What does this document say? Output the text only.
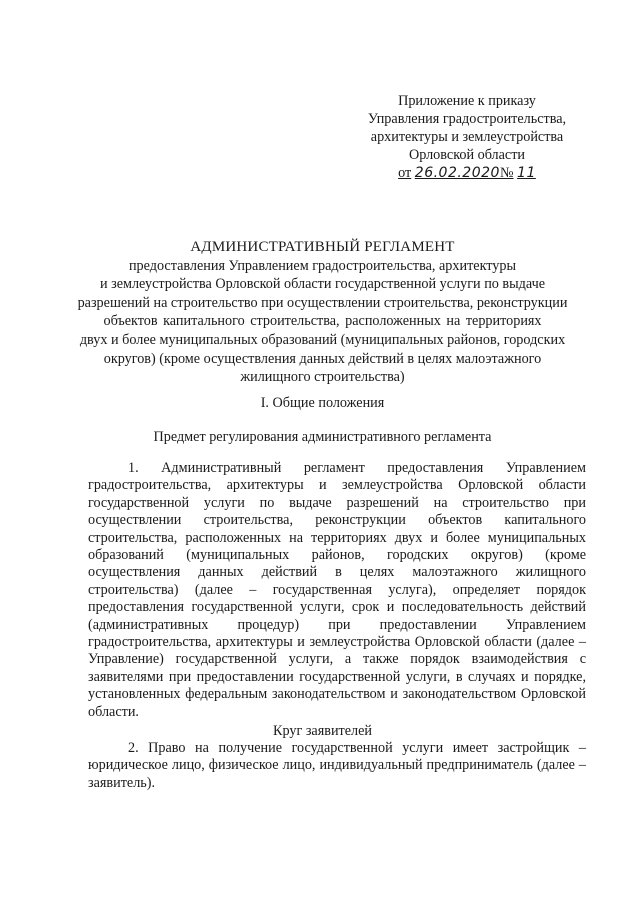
Приложение к приказу
Управления градостроительства,
архитектуры и землеустройства
Орловской области
от 26.02.2020№ 11
АДМИНИСТРАТИВНЫЙ РЕГЛАМЕНТ
предоставления Управлением градостроительства, архитектуры
и землеустройства Орловской области государственной услуги по выдаче
разрешений на строительство при осуществлении строительства, реконструкции
объектов капитального строительства, расположенных на территориях
двух и более муниципальных образований (муниципальных районов, городских
округов) (кроме осуществления данных действий в целях малоэтажного
жилищного строительства)
I. Общие положения
Предмет регулирования административного регламента
1. Административный регламент предоставления Управлением градостроительства, архитектуры и землеустройства Орловской области государственной услуги по выдаче разрешений на строительство при осуществлении строительства, реконструкции объектов капитального строительства, расположенных на территориях двух и более муниципальных образований (муниципальных районов, городских округов) (кроме осуществления данных действий в целях малоэтажного жилищного строительства) (далее – государственная услуга), определяет порядок предоставления государственной услуги, срок и последовательность действий (административных процедур) при предоставлении Управлением градостроительства, архитектуры и землеустройства Орловской области (далее – Управление) государственной услуги, а также порядок взаимодействия с заявителями при предоставлении государственной услуги, в случаях и порядке, установленных федеральным законодательством и законодательством Орловской области.
Круг заявителей
2. Право на получение государственной услуги имеет застройщик – юридическое лицо, физическое лицо, индивидуальный предприниматель (далее – заявитель).
